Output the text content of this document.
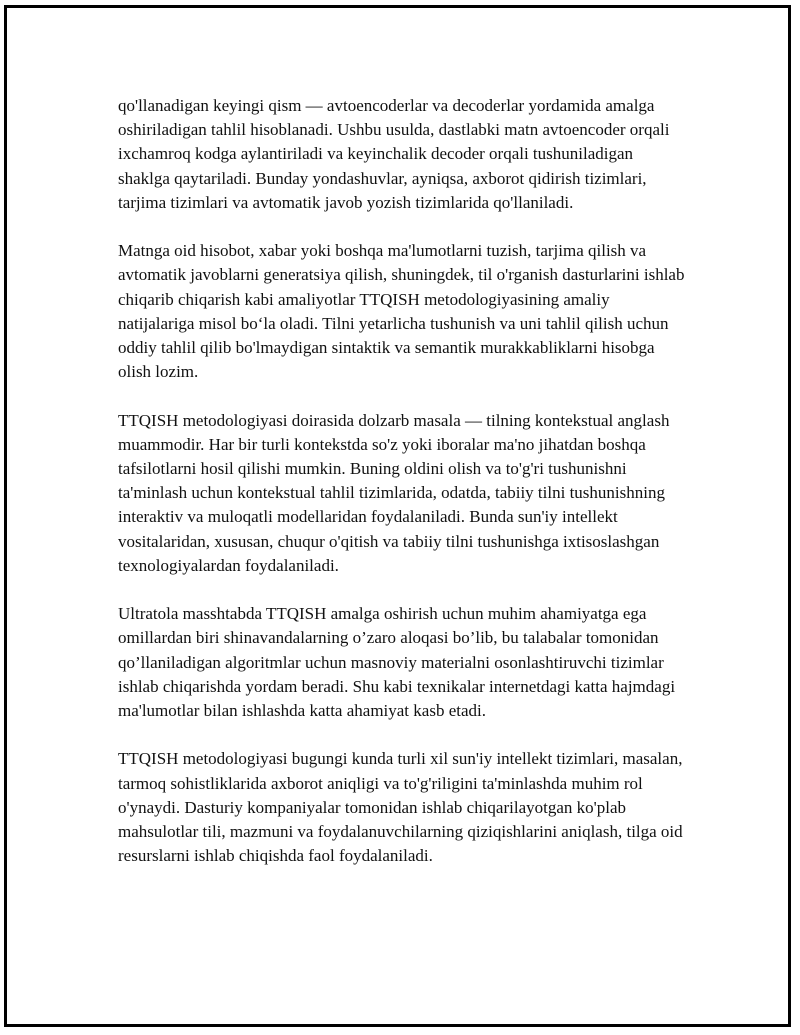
qo'llanadigan keyingi qism — avtoencoderlar va decoderlar yordamida amalga oshiriladigan tahlil hisoblanadi. Ushbu usulda, dastlabki matn avtoencoder orqali ixchamroq kodga aylantiriladi va keyinchalik decoder orqali tushuniladigan shaklga qaytariladi. Bunday yondashuvlar, ayniqsa, axborot qidirish tizimlari, tarjima tizimlari va avtomatik javob yozish tizimlarida qo'llaniladi.

Matnga oid hisobot, xabar yoki boshqa ma'lumotlarni tuzish, tarjima qilish va avtomatik javoblarni generatsiya qilish, shuningdek, til o'rganish dasturlarini ishlab chiqarib chiqarish kabi amaliyotlar TTQISH metodologiyasining amaliy natijalariga misol bo‘la oladi. Tilni yetarlicha tushunish va uni tahlil qilish uchun oddiy tahlil qilib bo'lmaydigan sintaktik va semantik murakkabliklarni hisobga olish lozim.

TTQISH metodologiyasi doirasida dolzarb masala — tilning kontekstual anglash muammodir. Har bir turli kontekstda so'z yoki iboralar ma'no jihatdan boshqa tafsilotlarni hosil qilishi mumkin. Buning oldini olish va to'g'ri tushunishni ta'minlash uchun kontekstual tahlil tizimlarida, odatda, tabiiy tilni tushunishning interaktiv va muloqatli modellaridan foydalaniladi. Bunda sun'iy intellekt vositalaridan, xususan, chuqur o'qitish va tabiiy tilni tushunishga ixtisoslashgan texnologiyalardan foydalaniladi.

Ultratola masshtabda TTQISH amalga oshirish uchun muhim ahamiyatga ega omillardan biri shinavandalarning o’zaro aloqasi bo’lib, bu talabalar tomonidan qo’llaniladigan algoritmlar uchun masnoviy materialni osonlashtiruvchi tizimlar ishlab chiqarishda yordam beradi. Shu kabi texnikalar internetdagi katta hajmdagi ma'lumotlar bilan ishlashda katta ahamiyat kasb etadi.

TTQISH metodologiyasi bugungi kunda turli xil sun'iy intellekt tizimlari, masalan, tarmoq sohistliklarida axborot aniqligi va to'g'riligini ta'minlashda muhim rol o'ynaydi. Dasturiy kompaniyalar tomonidan ishlab chiqarilayotgan ko'plab mahsulotlar tili, mazmuni va foydalanuvchilarning qiziqishlarini aniqlash, tilga oid resurslarni ishlab chiqishda faol foydalaniladi.
